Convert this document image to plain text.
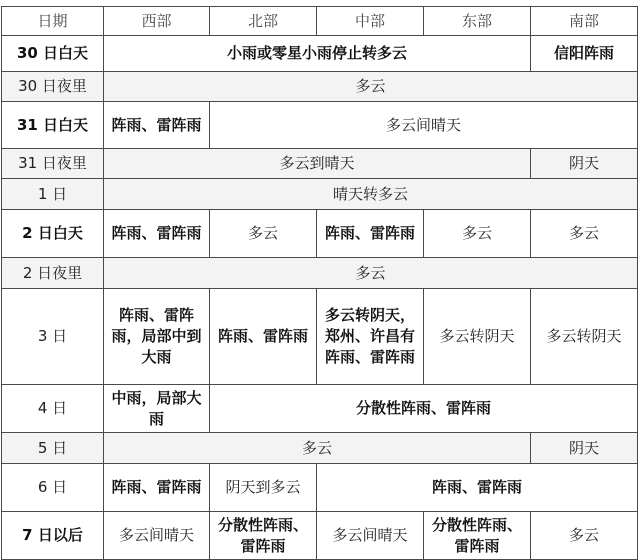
日期	西部	北部	中部	东部	南部
30 日白天	小雨或零星小雨停止转多云				信阳阵雨
30 日夜里	多云				
31 日白天	阵雨、雷阵雨	多云间晴天			
31 日夜里	多云到晴天				阴天
1 日	晴天转多云				
2 日白天	阵雨、雷阵雨	多云	阵雨、雷阵雨	多云	多云
2 日夜里	多云				
3 日	阵雨、雷阵雨，局部中到大雨	阵雨、雷阵雨	多云转阴天，郑州、许昌有阵雨、雷阵雨	多云转阴天	多云转阴天
4 日	中雨，局部大雨	分散性阵雨、雷阵雨			
5 日	多云				阴天
6 日	阵雨、雷阵雨	阴天到多云	阵雨、雷阵雨		
7 日以后	多云间晴天	分散性阵雨、雷阵雨	多云间晴天	分散性阵雨、雷阵雨	多云
